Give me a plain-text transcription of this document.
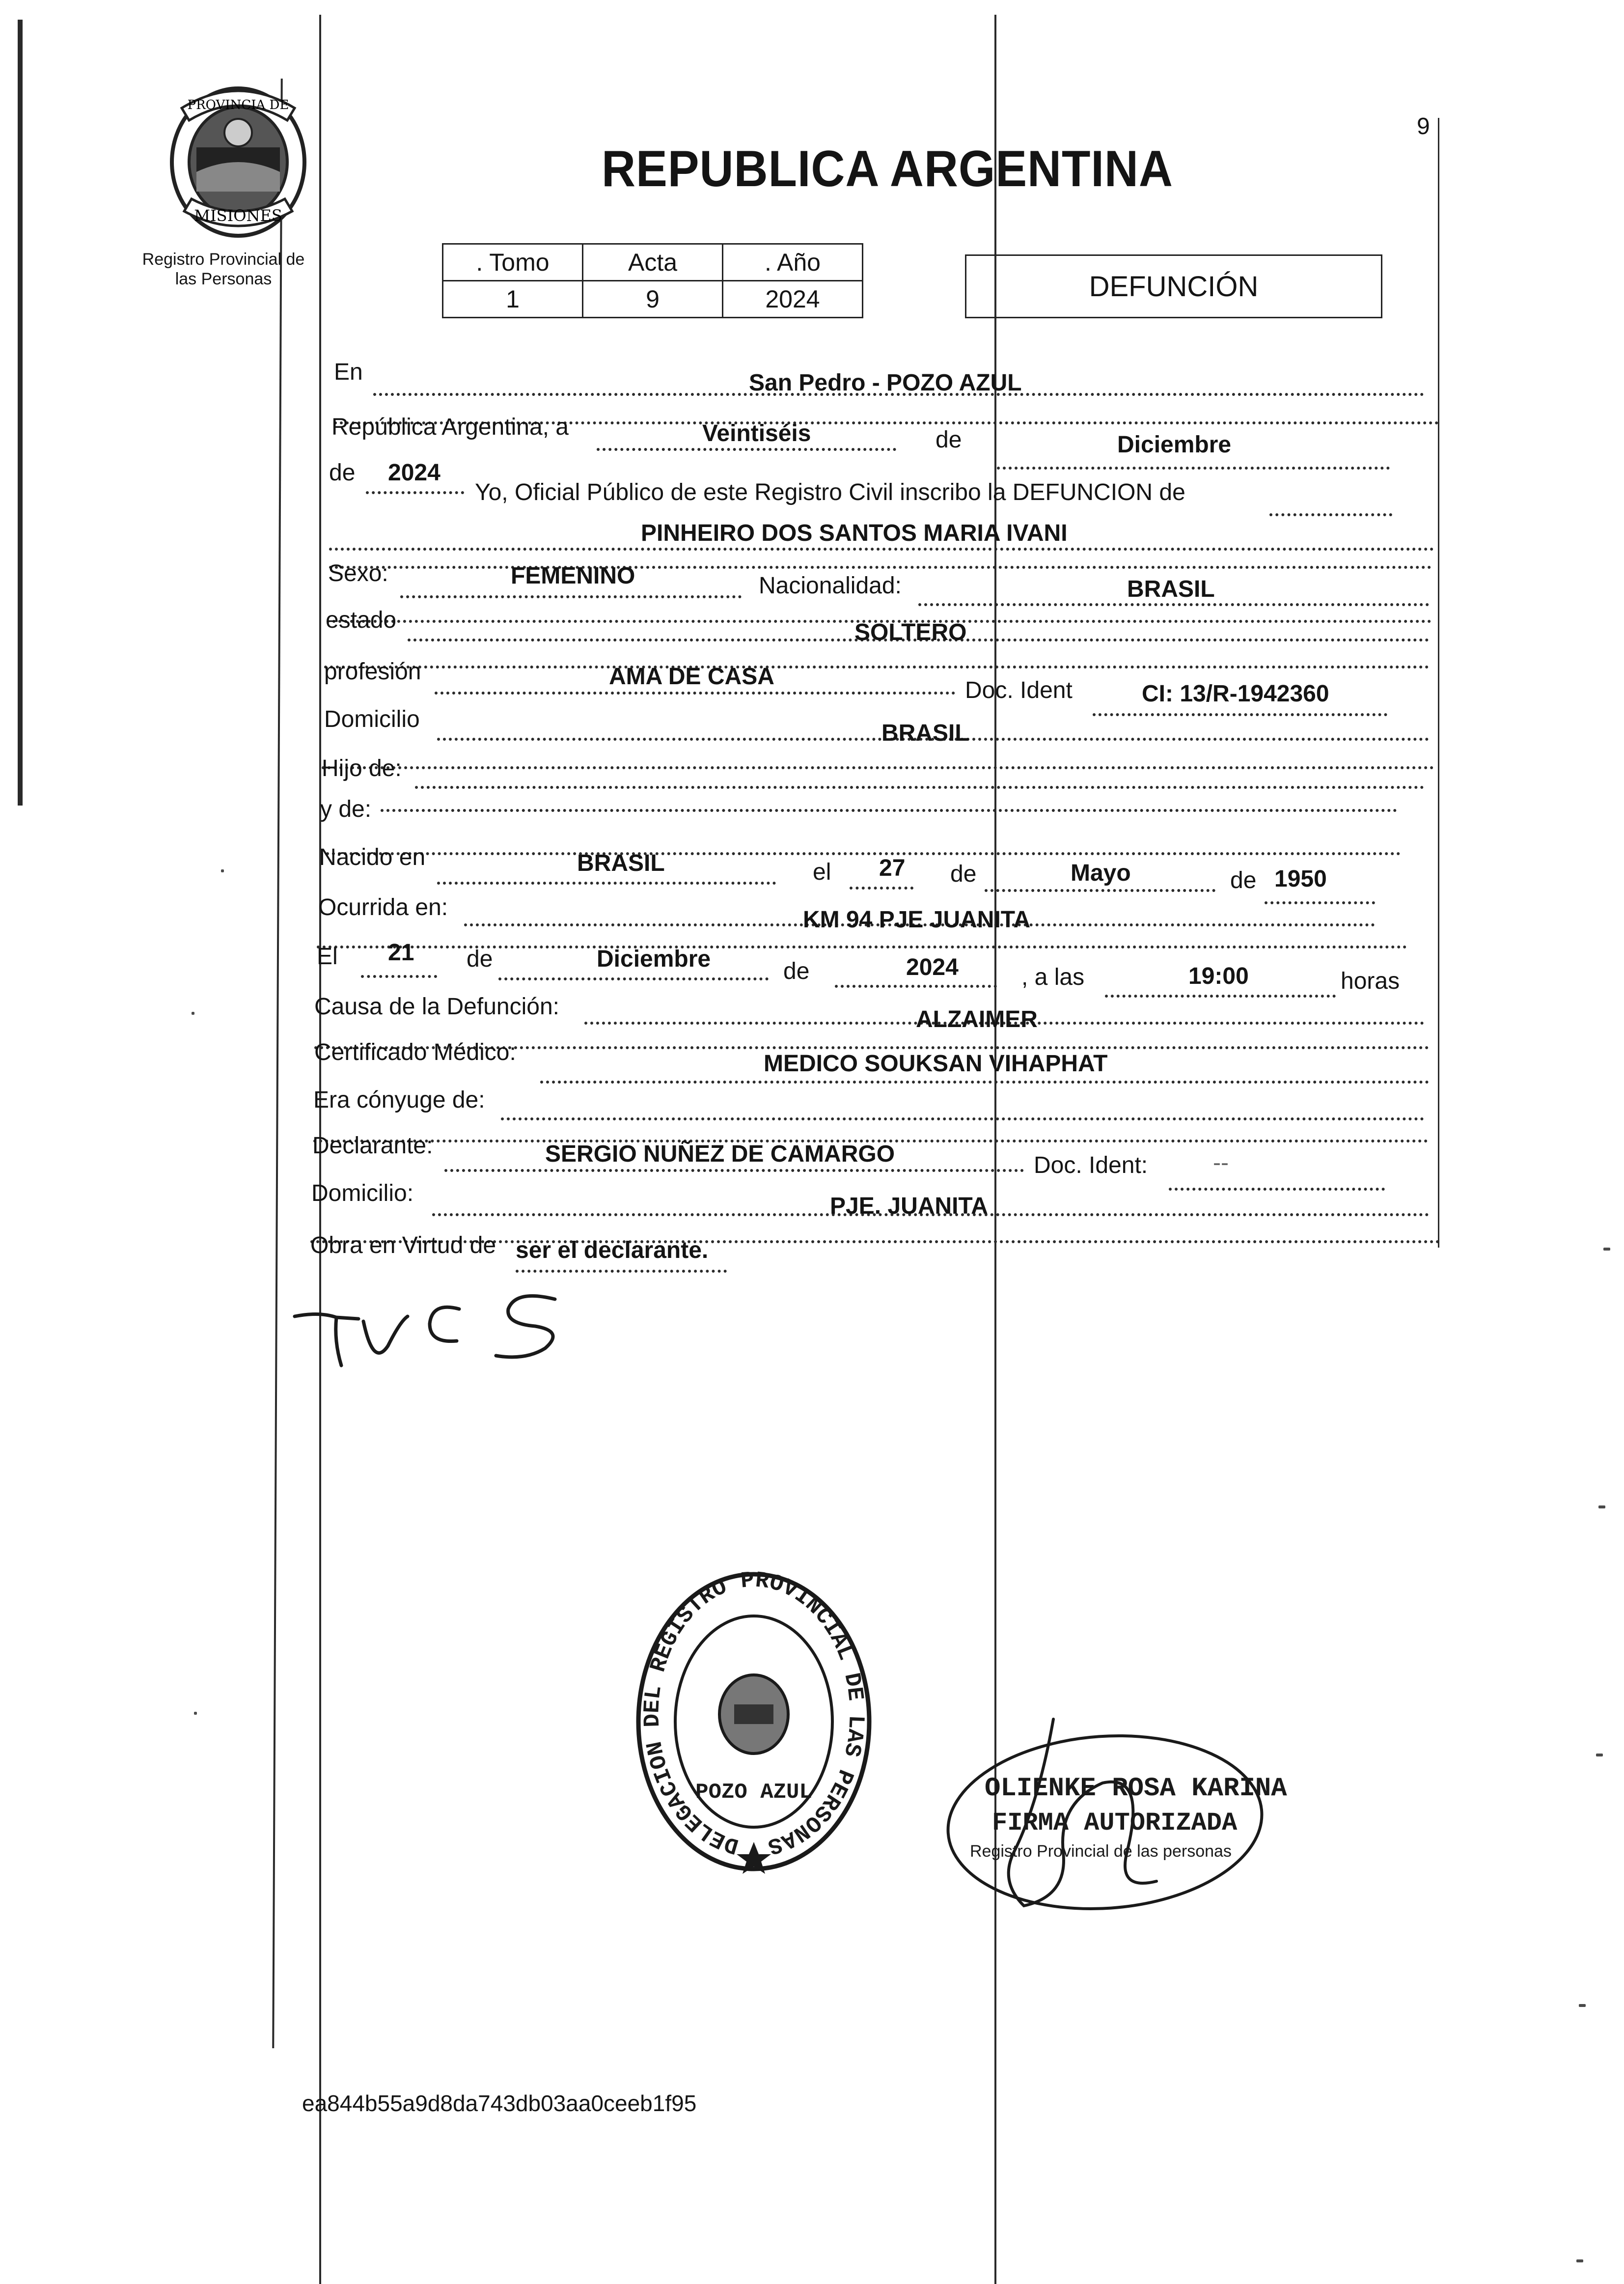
PROVINCIA DE
MISIONES
Registro Provincial de
las Personas
9
REPUBLICA ARGENTINA
. Tomo	Acta	. Año
1	9	2024	DEFUNCIÓN
En	San Pedro - POZO AZUL
República Argentina, a	Veintiséis	de	Diciembre
de 2024
Yo, Oficial Público de este Registro Civil inscribo la DEFUNCION de
PINHEIRO DOS SANTOS MARIA IVANI
Sexo:	FEMENINO	Nacionalidad:	BRASIL
estado	SOLTERO
profesión	AMA DE CASA
Doc. Ident	CI: 13/R-1942360
Domicilio
BRASIL
Hijo de:
y de:
Nacido en	BRASIL	el 27 de	Mayo	de 1950
Ocurrida en:	KM 94 PJE JUANITA
El 21 de	Diciembre	de	2024	, a las	19:00	horas
Causa de la Defunción:	ALZAIMER
Certificado Médico:	MEDICO SOUKSAN VIHAPHAT
Era cónyuge de:
Declarante:	SERGIO NUÑEZ DE CAMARGO	Doc. Ident:	--
Domicilio:	PJE. JUANITA
Obra en Virtud de ser el declarante.
DELEGACION DEL REGISTRO PROVINCIAL DE LAS PERSONAS
POZO AZUL	OLIENKE ROSA KARINA
FIRMA AUTORIZADA
Registro Provincial de las personas
ea844b55a9d8da743db03aa0ceeb1f95
